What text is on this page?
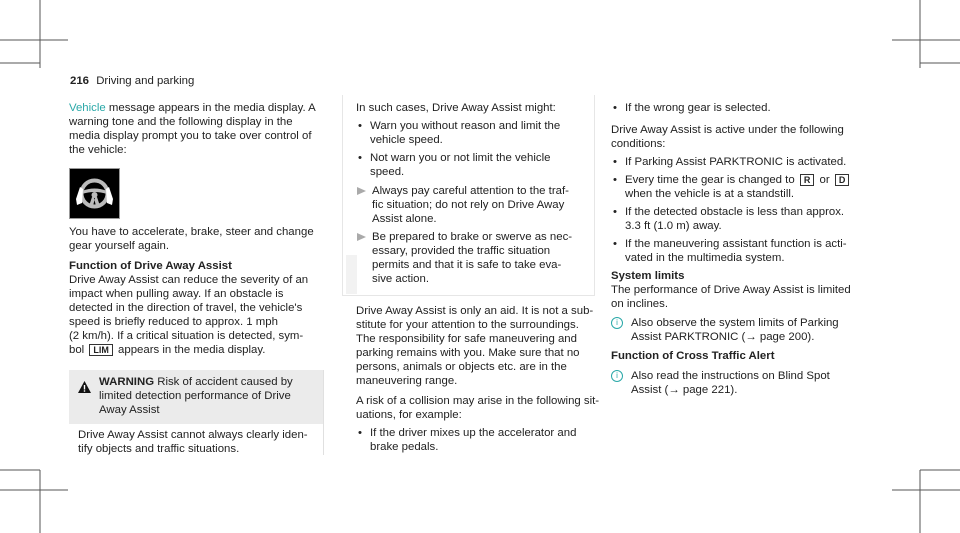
216 Driving and parking
Vehicle message appears in the media display. A
warning tone and the following display in the
media display prompt you to take over control of
the vehicle:
You have to accelerate, brake, steer and change
gear yourself again.
Function of Drive Away Assist
Drive Away Assist can reduce the severity of an
impact when pulling away. If an obstacle is
detected in the direction of travel, the vehicle's
speed is briefly reduced to approx. 1 mph
(2 km/h). If a critical situation is detected, sym-
bol LIM appears in the media display.
WARNING Risk of accident caused by
limited detection performance of Drive
Away Assist
Drive Away Assist cannot always clearly iden-
tify objects and traffic situations.
In such cases, Drive Away Assist might:
• Warn you without reason and limit the
vehicle speed.
• Not warn you or not limit the vehicle
speed.
Always pay careful attention to the traf-
fic situation; do not rely on Drive Away
Assist alone.
Be prepared to brake or swerve as nec-
essary, provided the traffic situation
permits and that it is safe to take eva-
sive action.
Drive Away Assist is only an aid. It is not a sub-
stitute for your attention to the surroundings.
The responsibility for safe maneuvering and
parking remains with you. Make sure that no
persons, animals or objects etc. are in the
maneuvering range.
A risk of a collision may arise in the following sit-
uations, for example:
• If the driver mixes up the accelerator and
brake pedals.
• If the wrong gear is selected.
Drive Away Assist is active under the following
conditions:
• If Parking Assist PARKTRONIC is activated.
• Every time the gear is changed to R or D
when the vehicle is at a standstill.
• If the detected obstacle is less than approx.
3.3 ft (1.0 m) away.
• If the maneuvering assistant function is acti-
vated in the multimedia system.
System limits
The performance of Drive Away Assist is limited
on inclines.
i	Also observe the system limits of Parking
Assist PARKTRONIC (→ page 200).
Function of Cross Traffic Alert
i	Also read the instructions on Blind Spot
Assist (→ page 221).
